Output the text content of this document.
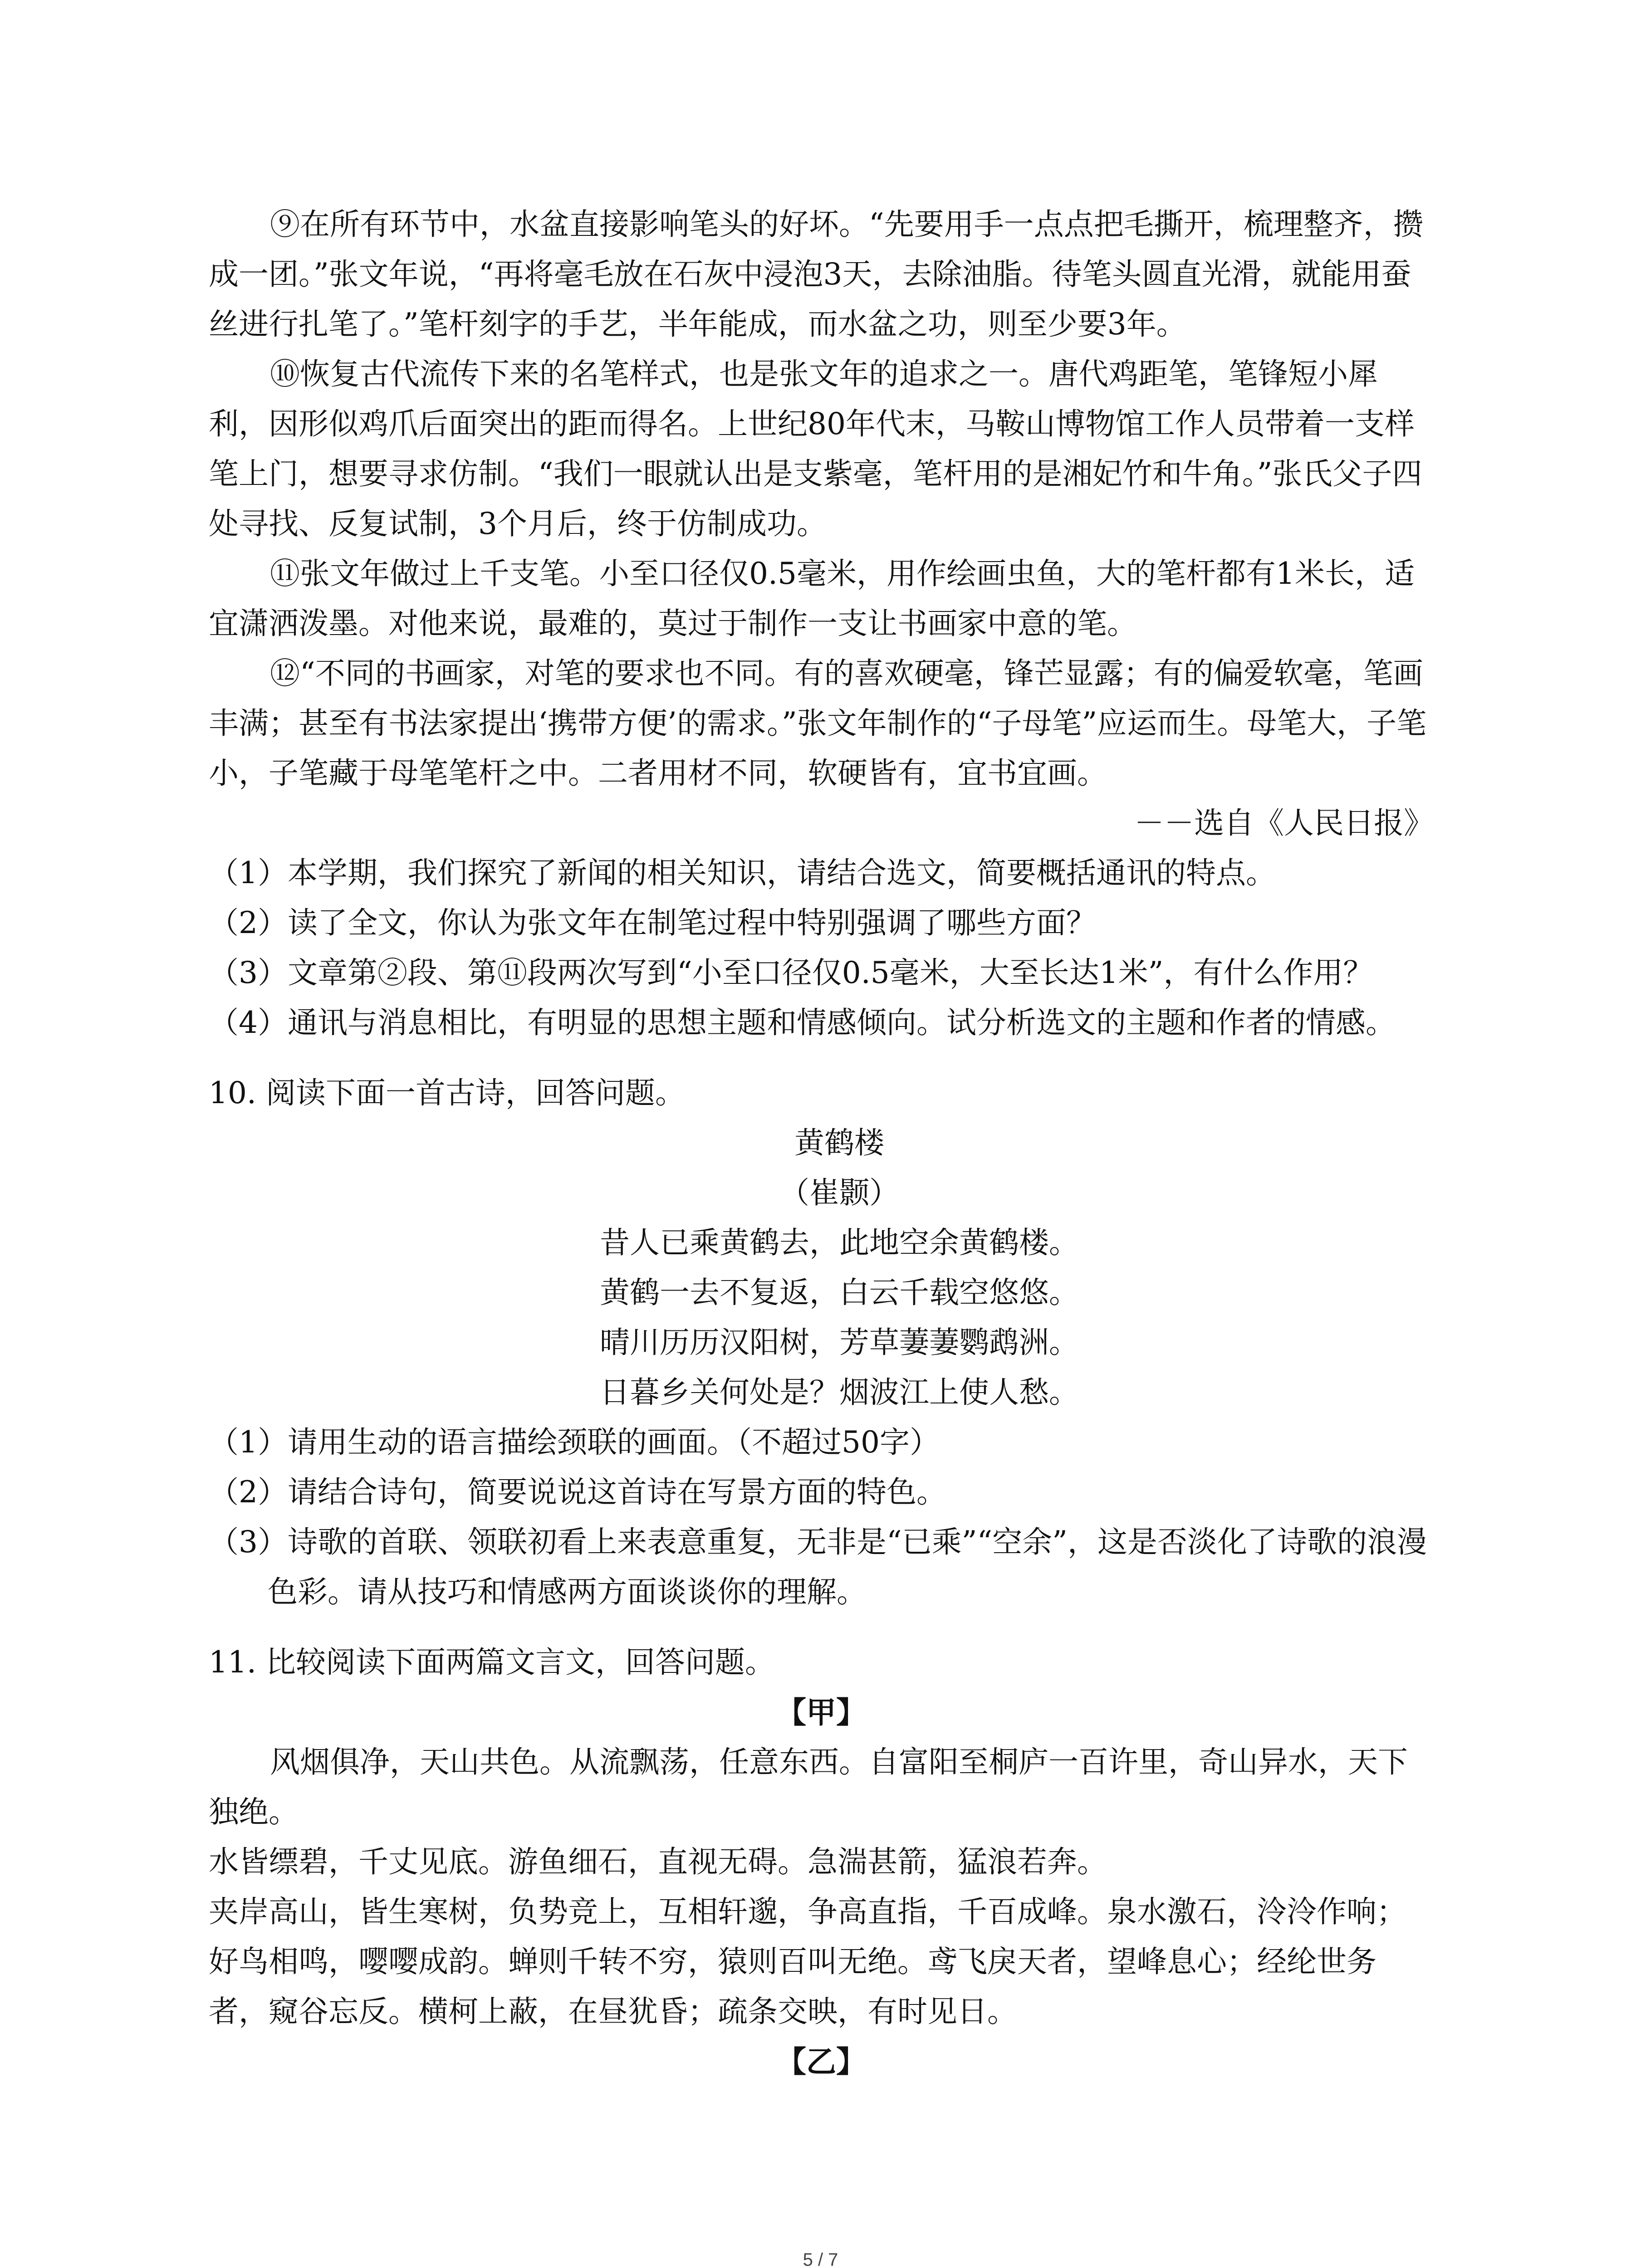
⑨在所有环节中，水盆直接影响笔头的好坏。“先要用手一点点把毛撕开，梳理整齐，攒成一团。”张文年说，“再将毫毛放在石灰中浸泡3天，去除油脂。待笔头圆直光滑，就能用蚕丝进行扎笔了。”笔杆刻字的手艺，半年能成，而水盆之功，则至少要3年。

⑩恢复古代流传下来的名笔样式，也是张文年的追求之一。唐代鸡距笔，笔锋短小犀利，因形似鸡爪后面突出的距而得名。上世纪80年代末，马鞍山博物馆工作人员带着一支样笔上门，想要寻求仿制。“我们一眼就认出是支紫毫，笔杆用的是湘妃竹和牛角。”张氏父子四处寻找、反复试制，3个月后，终于仿制成功。

⑪张文年做过上千支笔。小至口径仅0.5毫米，用作绘画虫鱼，大的笔杆都有1米长，适宜潇洒泼墨。对他来说，最难的，莫过于制作一支让书画家中意的笔。

⑫“不同的书画家，对笔的要求也不同。有的喜欢硬毫，锋芒显露；有的偏爱软毫，笔画丰满；甚至有书法家提出‘携带方便’的需求。”张文年制作的“子母笔”应运而生。母笔大，子笔小，子笔藏于母笔笔杆之中。二者用材不同，软硬皆有，宜书宜画。

－－选自《人民日报》

（1）本学期，我们探究了新闻的相关知识，请结合选文，简要概括通讯的特点。

（2）读了全文，你认为张文年在制笔过程中特别强调了哪些方面？

（3）文章第②段、第⑪段两次写到“小至口径仅0.5毫米，大至长达1米”，有什么作用？

（4）通讯与消息相比，有明显的思想主题和情感倾向。试分析选文的主题和作者的情感。

10. 阅读下面一首古诗，回答问题。

黄鹤楼

（崔颢）

昔人已乘黄鹤去，此地空余黄鹤楼。

黄鹤一去不复返，白云千载空悠悠。

晴川历历汉阳树，芳草萋萋鹦鹉洲。

日暮乡关何处是？烟波江上使人愁。

（1）请用生动的语言描绘颈联的画面。（不超过50字）

（2）请结合诗句，简要说说这首诗在写景方面的特色。

（3）诗歌的首联、领联初看上来表意重复，无非是“已乘”“空余”，这是否淡化了诗歌的浪漫色彩。请从技巧和情感两方面谈谈你的理解。

11. 比较阅读下面两篇文言文，回答问题。

【甲】

风烟俱净，天山共色。从流飘荡，任意东西。自富阳至桐庐一百许里，奇山异水，天下独绝。

水皆缥碧，千丈见底。游鱼细石，直视无碍。急湍甚箭，猛浪若奔。

夹岸高山，皆生寒树，负势竞上，互相轩邈，争高直指，千百成峰。泉水激石，泠泠作响；好鸟相鸣，嘤嘤成韵。蝉则千转不穷，猿则百叫无绝。鸢飞戾天者，望峰息心；经纶世务者，窥谷忘反。横柯上蔽，在昼犹昏；疏条交映，有时见日。

【乙】

5 / 7
